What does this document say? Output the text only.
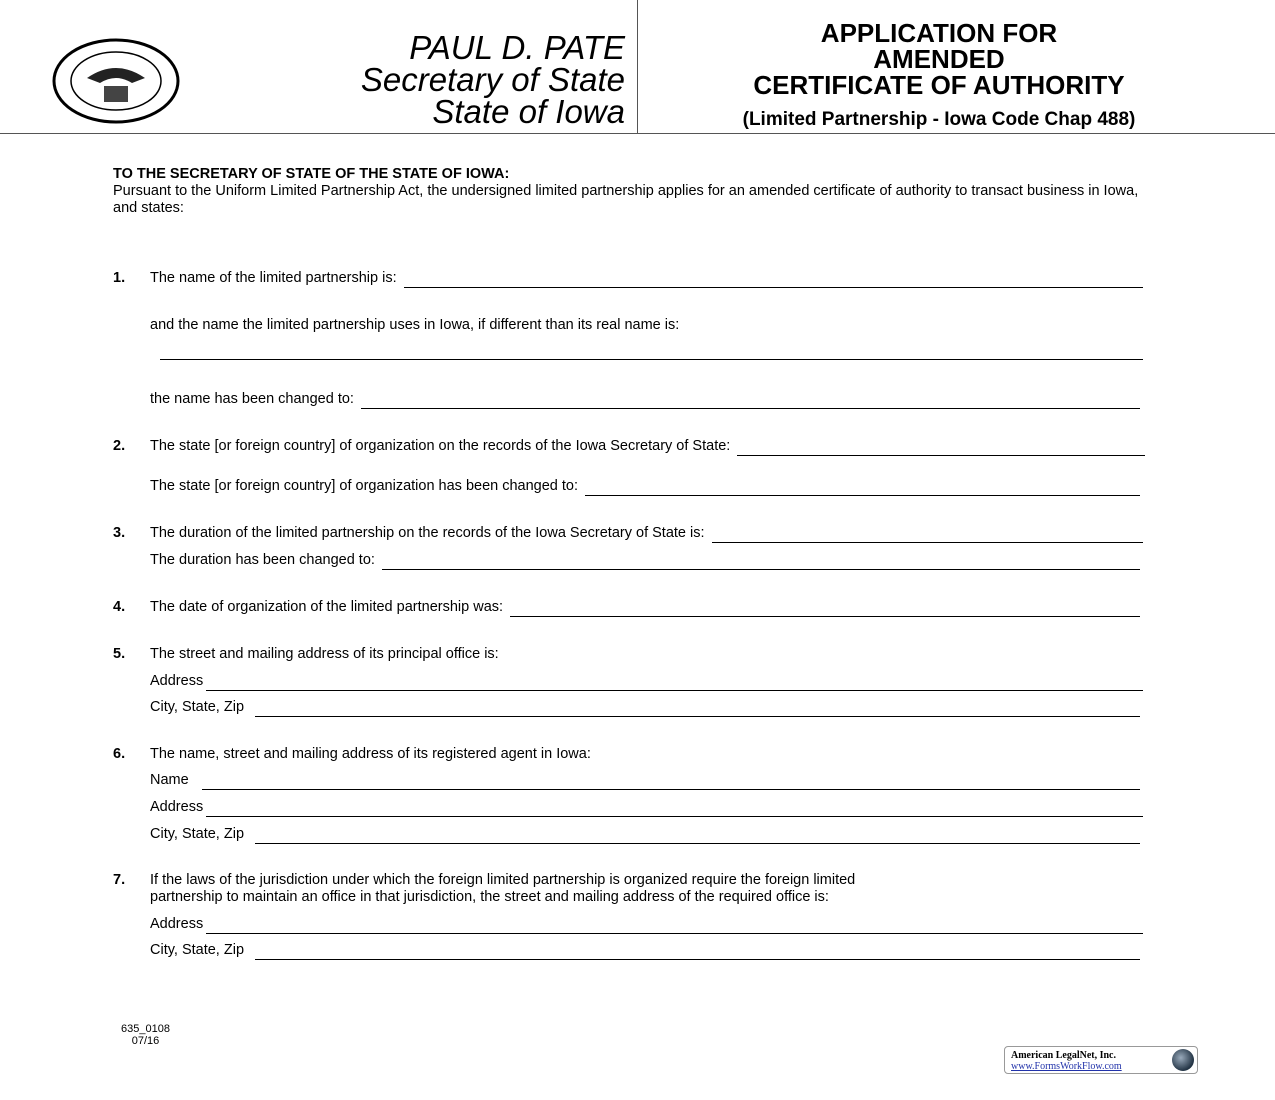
PAUL D. PATE
Secretary of State
State of Iowa
APPLICATION FOR
AMENDED
CERTIFICATE OF AUTHORITY
(Limited Partnership - Iowa Code Chap 488)
TO THE SECRETARY OF STATE OF THE STATE OF IOWA:
Pursuant to the Uniform Limited Partnership Act, the undersigned limited partnership applies for an amended certificate of authority to transact business in Iowa, and states:
1.	The name of the limited partnership is:
and the name the limited partnership uses in Iowa, if different than its real name is:
the name has been changed to:
2.	The state [or foreign country] of organization on the records of the Iowa Secretary of State:
The state [or foreign country] of organization has been changed to:
3.	The duration of the limited partnership on the records of the Iowa Secretary of State is:
The duration has been changed to:
4.	The date of organization of the limited partnership was:
5.	The street and mailing address of its principal office is:
Address
City, State, Zip
6.	The name, street and mailing address of its registered agent in Iowa:
Name
Address
City, State, Zip
7.	If the laws of the jurisdiction under which the foreign limited partnership is organized require the foreign limited
partnership to maintain an office in that jurisdiction, the street and mailing address of the required office is:
Address
City, State, Zip
635_0108
07/16
American LegalNet, Inc.
www.FormsWorkFlow.com
